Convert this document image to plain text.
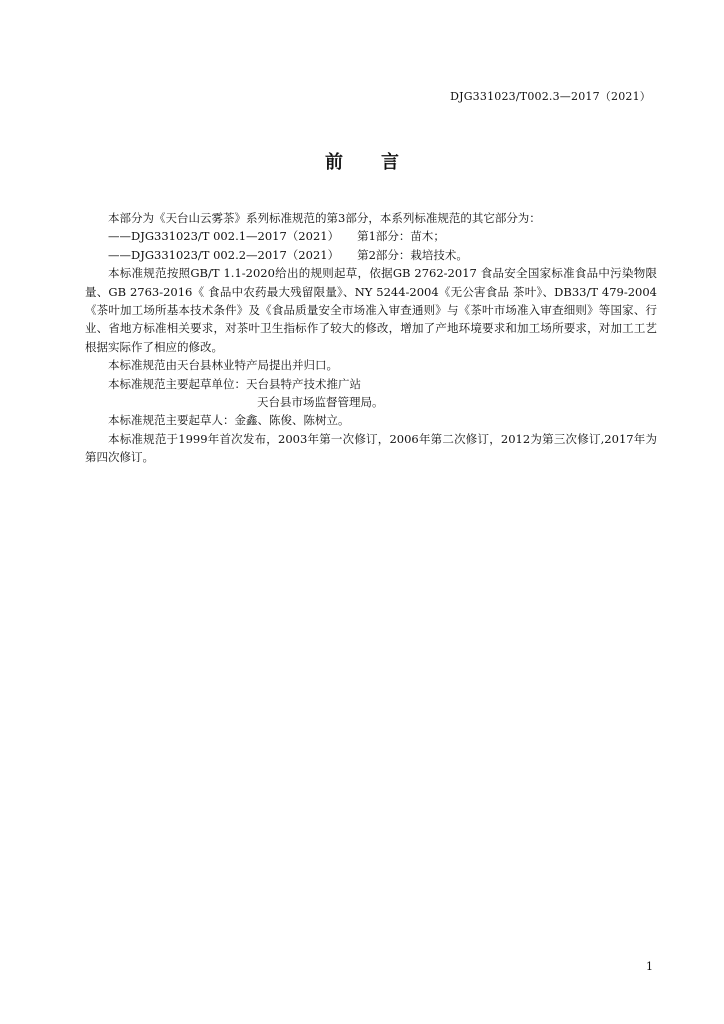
DJG331023/T002.3—2017（2021）
前言

本部分为《天台山云雾茶》系列标准规范的第3部分，本系列标准规范的其它部分为：

——DJG331023/T 002.1—2017（2021） 第1部分：苗木；

——DJG331023/T 002.2—2017（2021） 第2部分：栽培技术。

本标准规范按照GB/T 1.1-2020给出的规则起草，依据GB 2762-2017 食品安全国家标准食品中污染物限量、GB 2763-2016《 食品中农药最大残留限量》、NY 5244-2004《无公害食品 茶叶》、DB33/T 479-2004《茶叶加工场所基本技术条件》及《食品质量安全市场准入审查通则》与《茶叶市场准入审查细则》等国家、行业、省地方标准相关要求，对茶叶卫生指标作了较大的修改，增加了产地环境要求和加工场所要求，对加工工艺根据实际作了相应的修改。

本标准规范由天台县林业特产局提出并归口。

本标准规范主要起草单位：天台县特产技术推广站

天台县市场监督管理局。

本标准规范主要起草人：金鑫、陈俊、陈树立。

本标准规范于1999年首次发布，2003年第一次修订，2006年第二次修订，2012为第三次修订,2017年为第四次修订。

1
